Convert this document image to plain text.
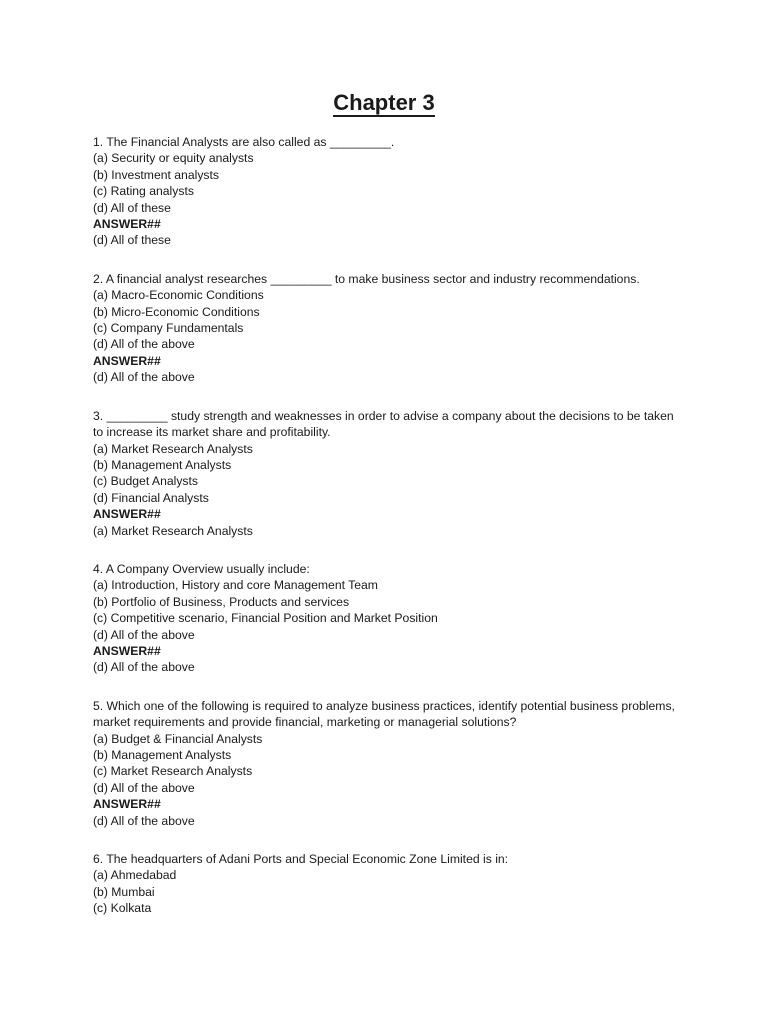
Chapter 3
1. The Financial Analysts are also called as _________.
(a) Security or equity analysts
(b) Investment analysts
(c) Rating analysts
(d) All of these
ANSWER##
(d) All of these
2. A financial analyst researches _________ to make business sector and industry recommendations.
(a) Macro-Economic Conditions
(b) Micro-Economic Conditions
(c) Company Fundamentals
(d) All of the above
ANSWER##
(d) All of the above
3. _________ study strength and weaknesses in order to advise a company about the decisions to be taken to increase its market share and profitability.
(a) Market Research Analysts
(b) Management Analysts
(c) Budget Analysts
(d) Financial Analysts
ANSWER##
(a) Market Research Analysts
4. A Company Overview usually include:
(a) Introduction, History and core Management Team
(b) Portfolio of Business, Products and services
(c) Competitive scenario, Financial Position and Market Position
(d) All of the above
ANSWER##
(d) All of the above
5. Which one of the following is required to analyze business practices, identify potential business problems, market requirements and provide financial, marketing or managerial solutions?
(a) Budget & Financial Analysts
(b) Management Analysts
(c) Market Research Analysts
(d) All of the above
ANSWER##
(d) All of the above
6. The headquarters of Adani Ports and Special Economic Zone Limited is in:
(a) Ahmedabad
(b) Mumbai
(c) Kolkata
